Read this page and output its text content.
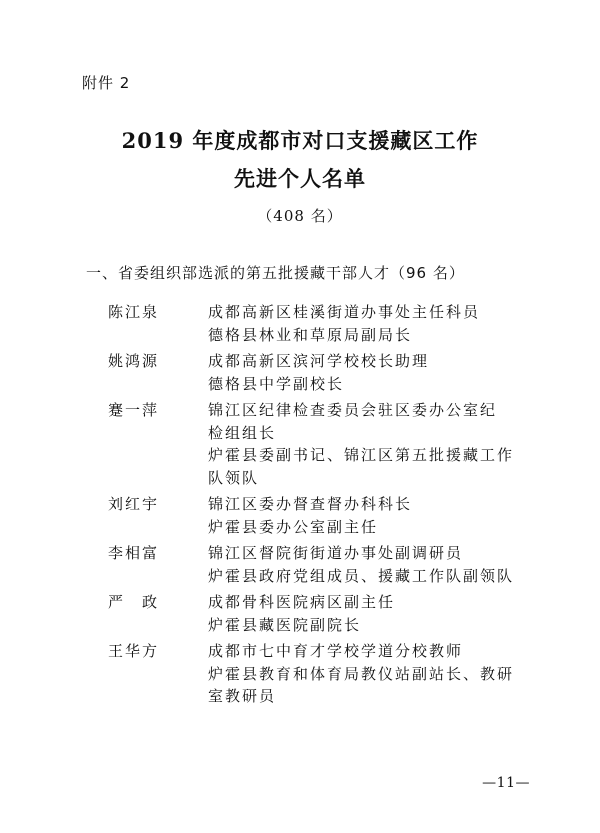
附件 2
2019 年度成都市对口支援藏区工作
先进个人名单
（408 名）
一、省委组织部选派的第五批援藏干部人才（96 名）
陈江泉	成都高新区桂溪街道办事处主任科员
德格县林业和草原局副局长
姚鸿源	成都高新区滨河学校校长助理
德格县中学副校长
蹇一萍	锦江区纪律检查委员会驻区委办公室纪
检组组长
炉霍县委副书记、锦江区第五批援藏工作
队领队
刘红宇	锦江区委办督查督办科科长
炉霍县委办公室副主任
李相富	锦江区督院街街道办事处副调研员
炉霍县政府党组成员、援藏工作队副领队
严　政	成都骨科医院病区副主任
炉霍县藏医院副院长
王华方	成都市七中育才学校学道分校教师
炉霍县教育和体育局教仪站副站长、教研
室教研员
—11—
